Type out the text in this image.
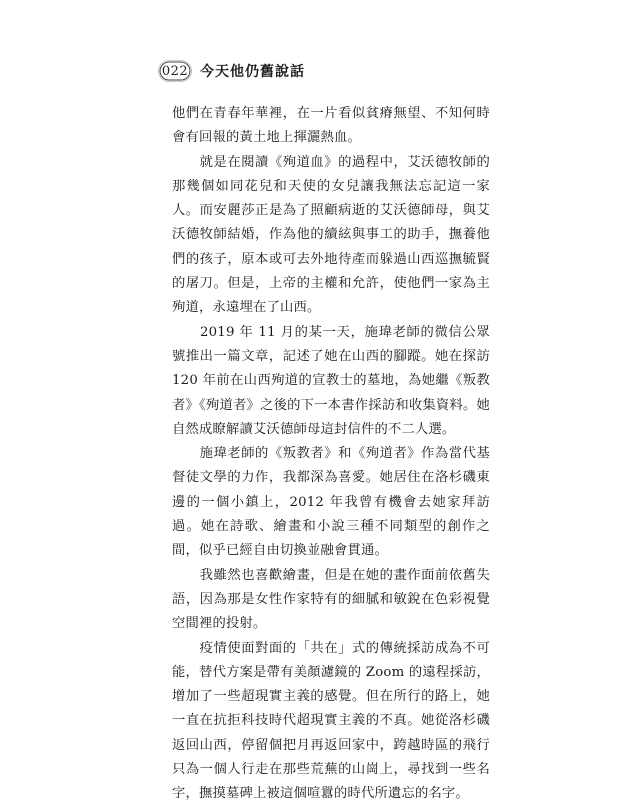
022 今天他仍舊說話

他們在青春年華裡，在一片看似貧瘠無望、不知何時會有回報的黃土地上揮灑熱血。

　　就是在閱讀《殉道血》的過程中，艾沃德牧師的那幾個如同花兒和天使的女兒讓我無法忘記這一家人。而安麗莎正是為了照顧病逝的艾沃德師母，與艾沃德牧師結婚，作為他的續絃與事工的助手，撫養他們的孩子，原本或可去外地待產而躲過山西巡撫毓賢的屠刀。但是，上帝的主權和允許，使他們一家為主殉道，永遠埋在了山西。

　　2019 年 11 月的某一天，施瑋老師的微信公眾號推出一篇文章，記述了她在山西的腳蹤。她在探訪 120 年前在山西殉道的宣教士的墓地，為她繼《叛教者》《殉道者》之後的下一本書作採訪和收集資料。她自然成瞭解讀艾沃德師母這封信件的不二人選。

　　施瑋老師的《叛教者》和《殉道者》作為當代基督徒文學的力作，我都深為喜愛。她居住在洛杉磯東邊的一個小鎮上，2012 年我曾有機會去她家拜訪過。她在詩歌、繪畫和小說三種不同類型的創作之間，似乎已經自由切換並融會貫通。

　　我雖然也喜歡繪畫，但是在她的畫作面前依舊失語，因為那是女性作家特有的細膩和敏銳在色彩視覺空間裡的投射。

　　疫情使面對面的「共在」式的傳統採訪成為不可能，替代方案是帶有美顏濾鏡的 Zoom 的遠程採訪，增加了一些超現實主義的感覺。但在所行的路上，她一直在抗拒科技時代超現實主義的不真。她從洛杉磯返回山西，停留個把月再返回家中，跨越時區的飛行只為一個人行走在那些荒蕪的山崗上，尋找到一些名字，撫摸墓碑上被這個喧囂的時代所遺忘的名字。
